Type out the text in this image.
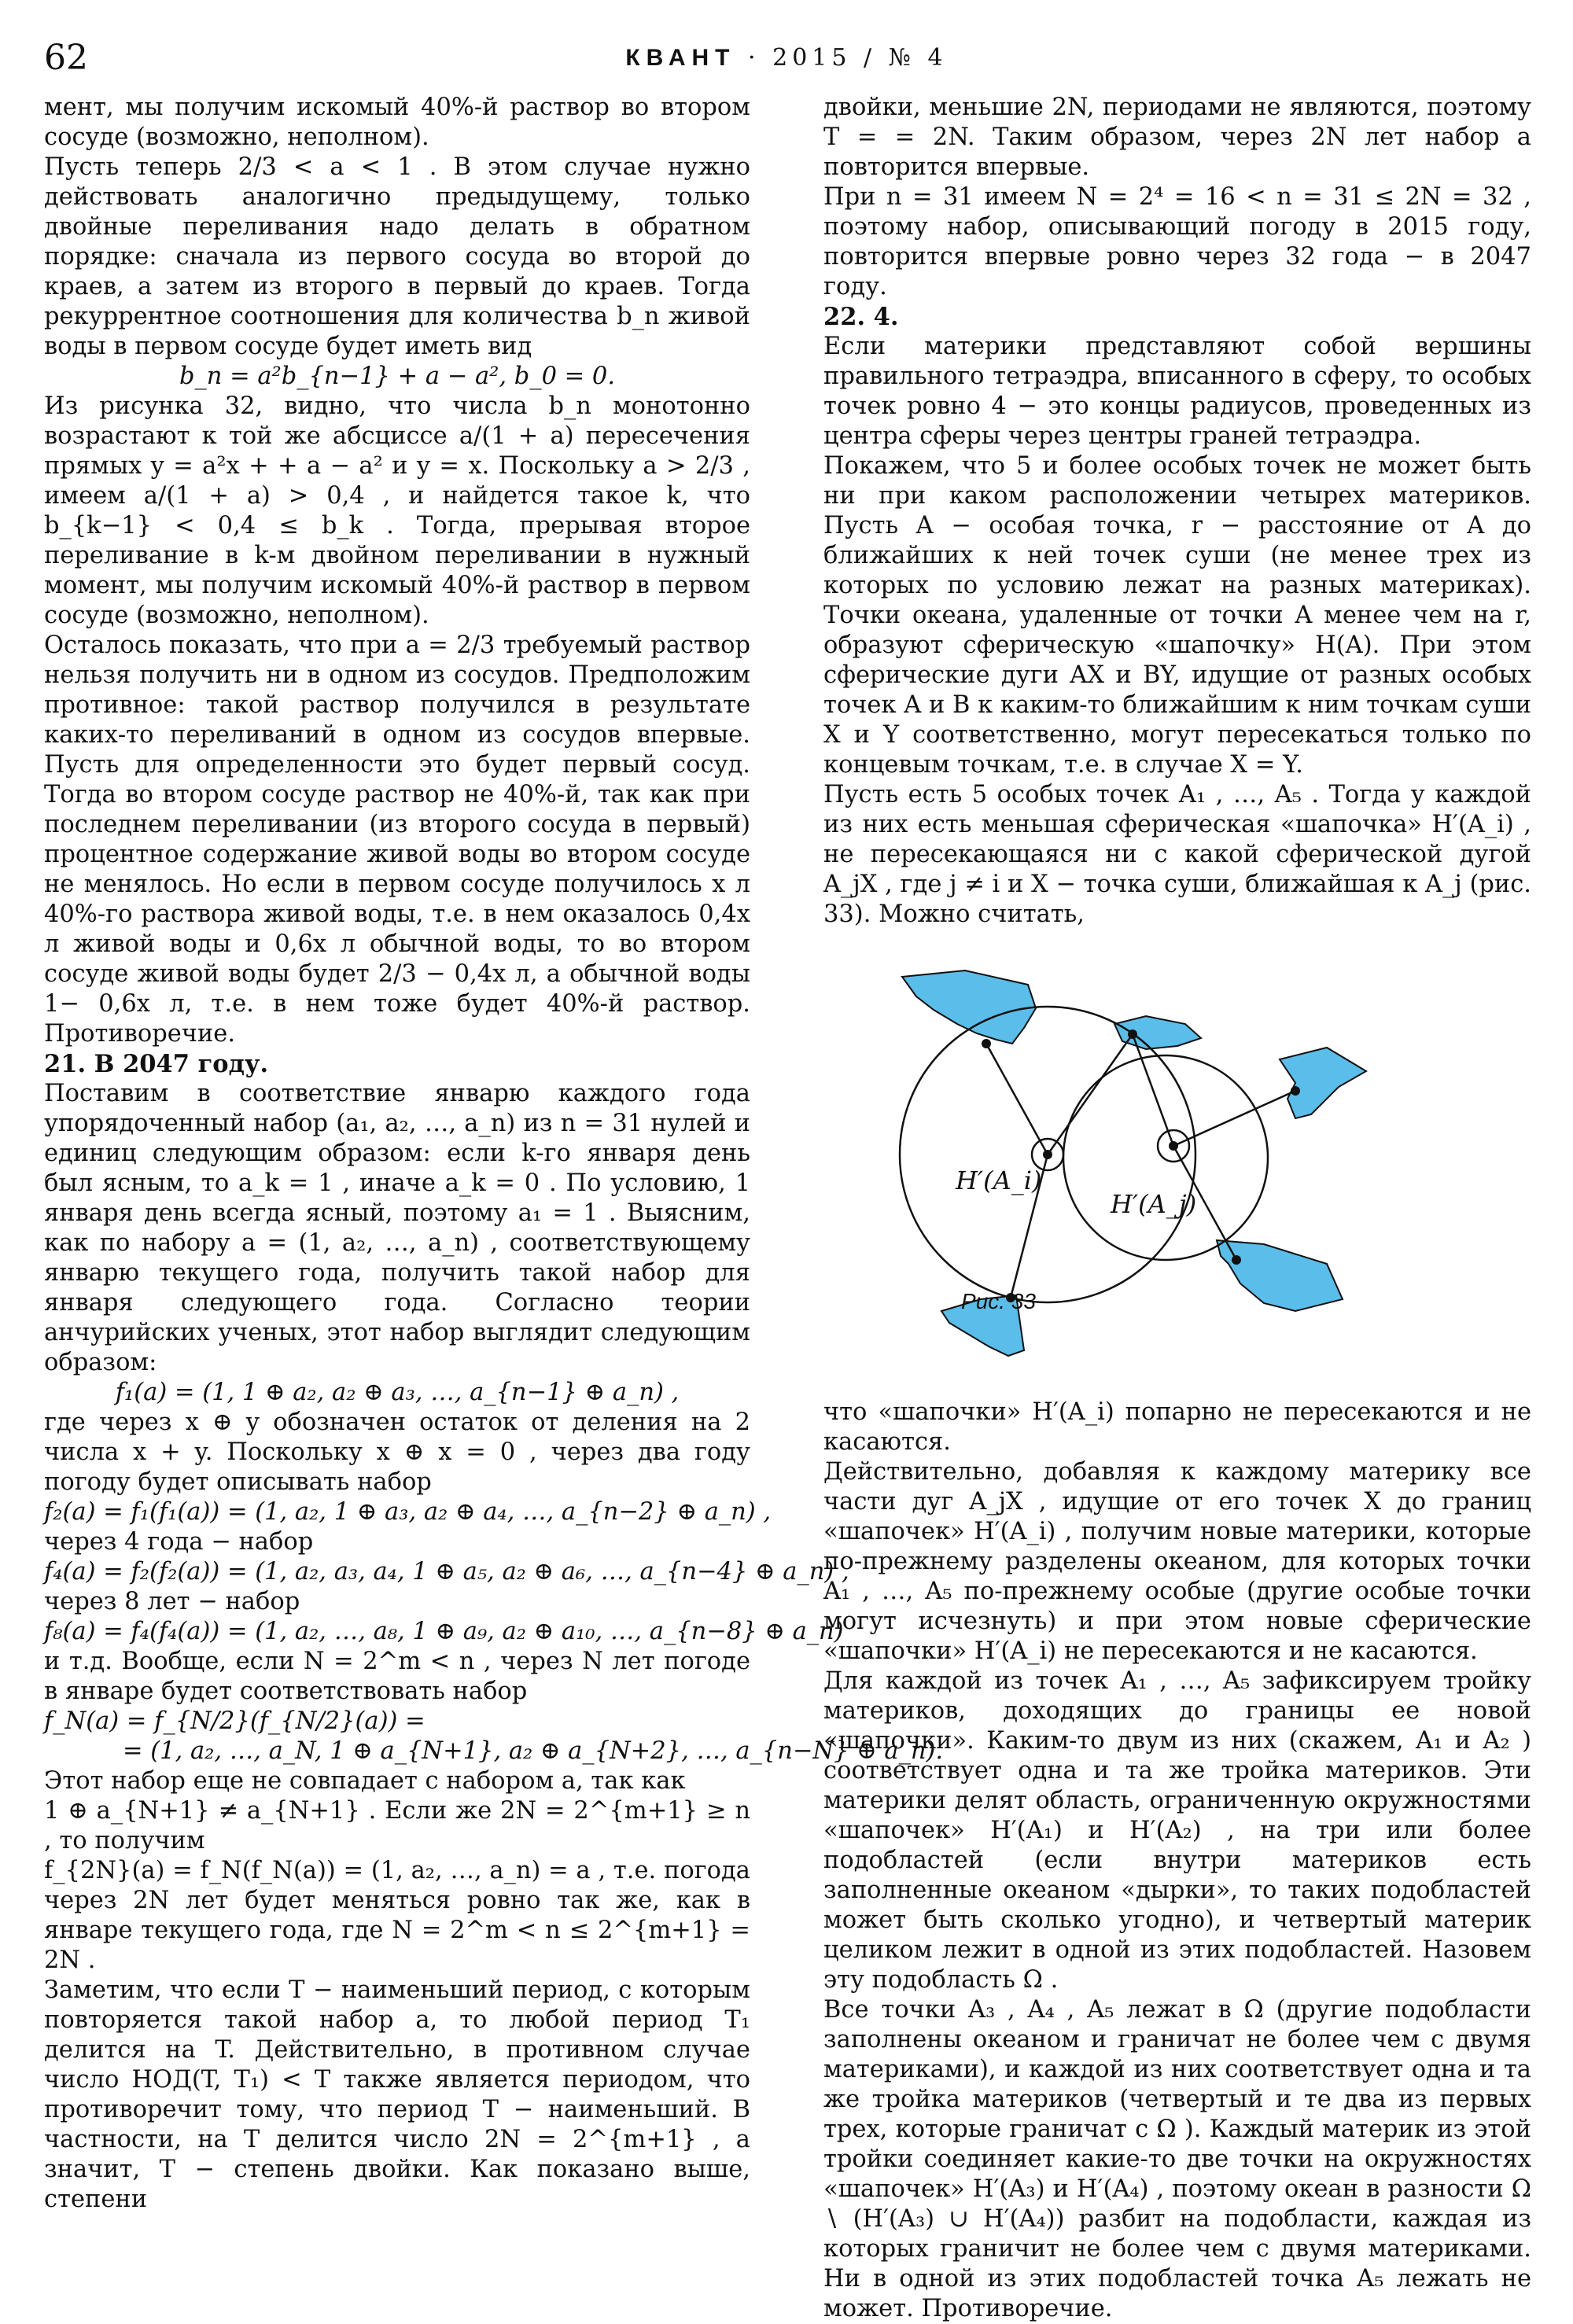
62	КВАНТ · 2015 / № 4

мент, мы получим искомый 40%-й раствор во втором сосуде (возможно, неполном).

Пусть теперь 2/3 < a < 1 . В этом случае нужно действовать аналогично предыдущему, только двойные переливания надо делать в обратном порядке: сначала из первого сосуда во второй до краев, а затем из второго в первый до краев. Тогда рекуррентное соотношения для количества b_n живой воды в первом сосуде будет иметь вид

b_n = a²b_{n−1} + a − a², b_0 = 0.

Из рисунка 32, видно, что числа b_n монотонно возрастают к той же абсциссе a/(1 + a) пересечения прямых y = a²x + + a − a² и y = x. Поскольку a > 2/3 , имеем a/(1 + a) > 0,4 , и найдется такое k, что b_{k−1} < 0,4 ≤ b_k . Тогда, прерывая второе переливание в k-м двойном переливании в нужный момент, мы получим искомый 40%-й раствор в первом сосуде (возможно, неполном).

Осталось показать, что при a = 2/3 требуемый раствор нельзя получить ни в одном из сосудов. Предположим противное: такой раствор получился в результате каких-то переливаний в одном из сосудов впервые. Пусть для определенности это будет первый сосуд. Тогда во втором сосуде раствор не 40%-й, так как при последнем переливании (из второго сосуда в первый) процентное содержание живой воды во втором сосуде не менялось. Но если в первом сосуде получилось x л 40%-го раствора живой воды, т.е. в нем оказалось 0,4x л живой воды и 0,6x л обычной воды, то во втором сосуде живой воды будет 2/3 − 0,4x л, а обычной воды 1− 0,6x л, т.е. в нем тоже будет 40%-й раствор. Противоречие.

21. В 2047 году.

Поставим в соответствие январю каждого года упорядоченный набор (a₁, a₂, …, a_n) из n = 31 нулей и единиц следующим образом: если k-го января день был ясным, то a_k = 1 , иначе a_k = 0 . По условию, 1 января день всегда ясный, поэтому a₁ = 1 . Выясним, как по набору a = (1, a₂, …, a_n) , соответствующему январю текущего года, получить такой набор для января следующего года. Согласно теории анчурийских ученых, этот набор выглядит следующим образом:

f₁(a) = (1, 1 ⊕ a₂, a₂ ⊕ a₃, …, a_{n−1} ⊕ a_n) ,

где через x ⊕ y обозначен остаток от деления на 2 числа x + y. Поскольку x ⊕ x = 0 , через два году погоду будет описывать набор

f₂(a) = f₁(f₁(a)) = (1, a₂, 1 ⊕ a₃, a₂ ⊕ a₄, …, a_{n−2} ⊕ a_n) ,

через 4 года − набор

f₄(a) = f₂(f₂(a)) = (1, a₂, a₃, a₄, 1 ⊕ a₅, a₂ ⊕ a₆, …, a_{n−4} ⊕ a_n) ,

через 8 лет − набор

f₈(a) = f₄(f₄(a)) = (1, a₂, …, a₈, 1 ⊕ a₉, a₂ ⊕ a₁₀, …, a_{n−8} ⊕ a_n)

и т.д. Вообще, если N = 2^m < n , через N лет погоде в январе будет соответствовать набор

f_N(a) = f_{N/2}(f_{N/2}(a)) =

= (1, a₂, …, a_N, 1 ⊕ a_{N+1}, a₂ ⊕ a_{N+2}, …, a_{n−N} ⊕ a_n).

Этот набор еще не совпадает с набором a, так как

1 ⊕ a_{N+1} ≠ a_{N+1} . Если же 2N = 2^{m+1} ≥ n , то получим

f_{2N}(a) = f_N(f_N(a)) = (1, a₂, …, a_n) = a , т.е. погода через 2N лет будет меняться ровно так же, как в январе текущего года, где N = 2^m < n ≤ 2^{m+1} = 2N .

Заметим, что если T − наименьший период, с которым повторяется такой набор a, то любой период T₁ делится на T. Действительно, в противном случае число НОД(T, T₁) < T также является периодом, что противоречит тому, что период T − наименьший. В частности, на T делится число 2N = 2^{m+1} , а значит, T − степень двойки. Как показано выше, степени

двойки, меньшие 2N, периодами не являются, поэтому T = = 2N. Таким образом, через 2N лет набор a повторится впервые.

При n = 31 имеем N = 2⁴ = 16 < n = 31 ≤ 2N = 32 , поэтому набор, описывающий погоду в 2015 году, повторится впервые ровно через 32 года − в 2047 году.

22. 4.

Если материки представляют собой вершины правильного тетраэдра, вписанного в сферу, то особых точек ровно 4 − это концы радиусов, проведенных из центра сферы через центры граней тетраэдра.

Покажем, что 5 и более особых точек не может быть ни при каком расположении четырех материков. Пусть A − особая точка, r − расстояние от A до ближайших к ней точек суши (не менее трех из которых по условию лежат на разных материках). Точки океана, удаленные от точки A менее чем на r, образуют сферическую «шапочку» H(A). При этом сферические дуги AX и BY, идущие от разных особых точек A и B к каким-то ближайшим к ним точкам суши X и Y соответственно, могут пересекаться только по концевым точкам, т.е. в случае X = Y.

Пусть есть 5 особых точек A₁ , …, A₅ . Тогда у каждой из них есть меньшая сферическая «шапочка» H′(A_i) , не пересекающаяся ни с какой сферической дугой A_jX , где j ≠ i и X − точка суши, ближайшая к A_j (рис. 33). Можно считать,

H′(A_i)
H′(A_j)
Рис. 33

что «шапочки» H′(A_i) попарно не пересекаются и не касаются.

Действительно, добавляя к каждому материку все части дуг A_jX , идущие от его точек X до границ «шапочек» H′(A_i) , получим новые материки, которые по-прежнему разделены океаном, для которых точки A₁ , …, A₅ по-прежнему особые (другие особые точки могут исчезнуть) и при этом новые сферические «шапочки» H′(A_i) не пересекаются и не касаются.

Для каждой из точек A₁ , …, A₅ зафиксируем тройку материков, доходящих до границы ее новой «шапочки». Каким-то двум из них (скажем, A₁ и A₂ ) соответствует одна и та же тройка материков. Эти материки делят область, ограниченную окружностями «шапочек» H′(A₁) и H′(A₂) , на три или более подобластей (если внутри материков есть заполненные океаном «дырки», то таких подобластей может быть сколько угодно), и четвертый материк целиком лежит в одной из этих подобластей. Назовем эту подобласть Ω .

Все точки A₃ , A₄ , A₅ лежат в Ω (другие подобласти заполнены океаном и граничат не более чем с двумя материками), и каждой из них соответствует одна и та же тройка материков (четвертый и те два из первых трех, которые граничат с Ω ). Каждый материк из этой тройки соединяет какие-то две точки на окружностях «шапочек» H′(A₃) и H′(A₄) , поэтому океан в разности Ω ∖ (H′(A₃) ∪ H′(A₄)) разбит на подобласти, каждая из которых граничит не более чем с двумя материками. Ни в одной из этих подобластей точка A₅ лежать не может. Противоречие.
